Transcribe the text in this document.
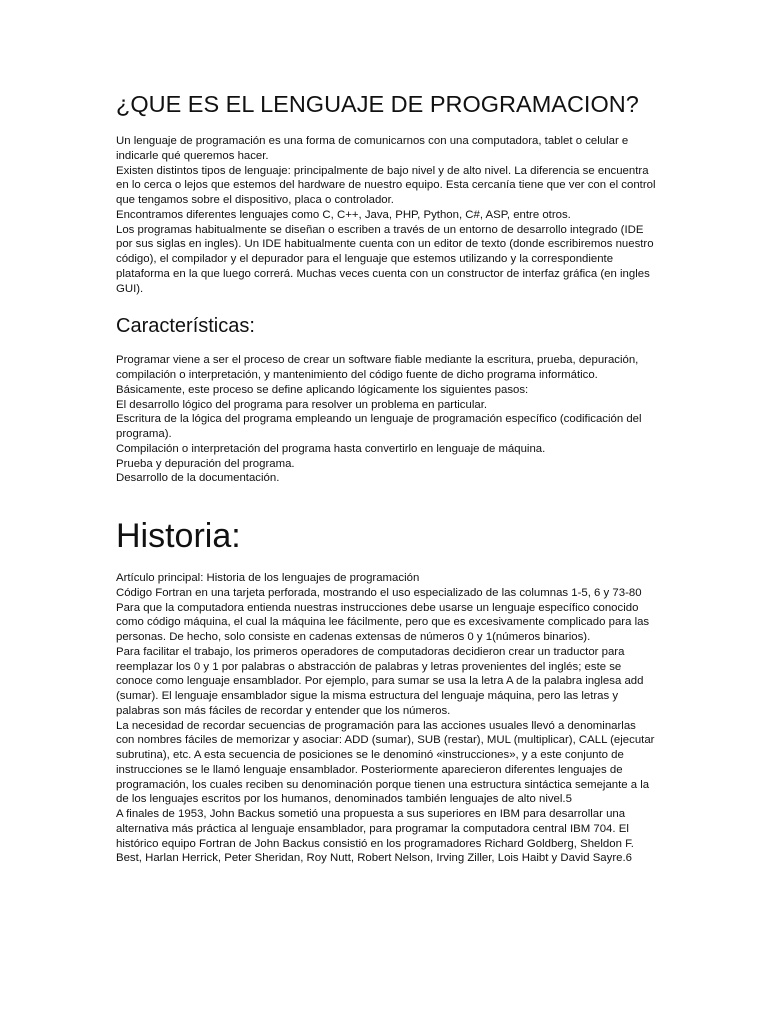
¿QUE ES EL LENGUAJE DE PROGRAMACION?

Un lenguaje de programación es una forma de comunicarnos con una computadora, tablet o celular e indicarle qué queremos hacer.

Existen distintos tipos de lenguaje: principalmente de bajo nivel y de alto nivel. La diferencia se encuentra en lo cerca o lejos que estemos del hardware de nuestro equipo. Esta cercanía tiene que ver con el control que tengamos sobre el dispositivo, placa o controlador.

Encontramos diferentes lenguajes como C, C++, Java, PHP, Python, C#, ASP, entre otros.

Los programas habitualmente se diseñan o escriben a través de un entorno de desarrollo integrado (IDE por sus siglas en ingles). Un IDE habitualmente cuenta con un editor de texto (donde escribiremos nuestro código), el compilador y el depurador para el lenguaje que estemos utilizando y la correspondiente plataforma en la que luego correrá. Muchas veces cuenta con un constructor de interfaz gráfica (en ingles GUI).

Características:

Programar viene a ser el proceso de crear un software fiable mediante la escritura, prueba, depuración, compilación o interpretación, y mantenimiento del código fuente de dicho programa informático. Básicamente, este proceso se define aplicando lógicamente los siguientes pasos:

El desarrollo lógico del programa para resolver un problema en particular.

Escritura de la lógica del programa empleando un lenguaje de programación específico (codificación del programa).

Compilación o interpretación del programa hasta convertirlo en lenguaje de máquina.

Prueba y depuración del programa.

Desarrollo de la documentación.

Historia:

Artículo principal: Historia de los lenguajes de programación

Código Fortran en una tarjeta perforada, mostrando el uso especializado de las columnas 1-5, 6 y 73-80

Para que la computadora entienda nuestras instrucciones debe usarse un lenguaje específico conocido como código máquina, el cual la máquina lee fácilmente, pero que es excesivamente complicado para las personas. De hecho, solo consiste en cadenas extensas de números 0 y 1(números binarios).

Para facilitar el trabajo, los primeros operadores de computadoras decidieron crear un traductor para reemplazar los 0 y 1 por palabras o abstracción de palabras y letras provenientes del inglés; este se conoce como lenguaje ensamblador. Por ejemplo, para sumar se usa la letra A de la palabra inglesa add (sumar). El lenguaje ensamblador sigue la misma estructura del lenguaje máquina, pero las letras y palabras son más fáciles de recordar y entender que los números.

La necesidad de recordar secuencias de programación para las acciones usuales llevó a denominarlas con nombres fáciles de memorizar y asociar: ADD (sumar), SUB (restar), MUL (multiplicar), CALL (ejecutar subrutina), etc. A esta secuencia de posiciones se le denominó «instrucciones», y a este conjunto de instrucciones se le llamó lenguaje ensamblador. Posteriormente aparecieron diferentes lenguajes de programación, los cuales reciben su denominación porque tienen una estructura sintáctica semejante a la de los lenguajes escritos por los humanos, denominados también lenguajes de alto nivel.5

A finales de 1953, John Backus sometió una propuesta a sus superiores en IBM para desarrollar una alternativa más práctica al lenguaje ensamblador, para programar la computadora central IBM 704. El histórico equipo Fortran de John Backus consistió en los programadores Richard Goldberg, Sheldon F. Best, Harlan Herrick, Peter Sheridan, Roy Nutt, Robert Nelson, Irving Ziller, Lois Haibt y David Sayre.6
